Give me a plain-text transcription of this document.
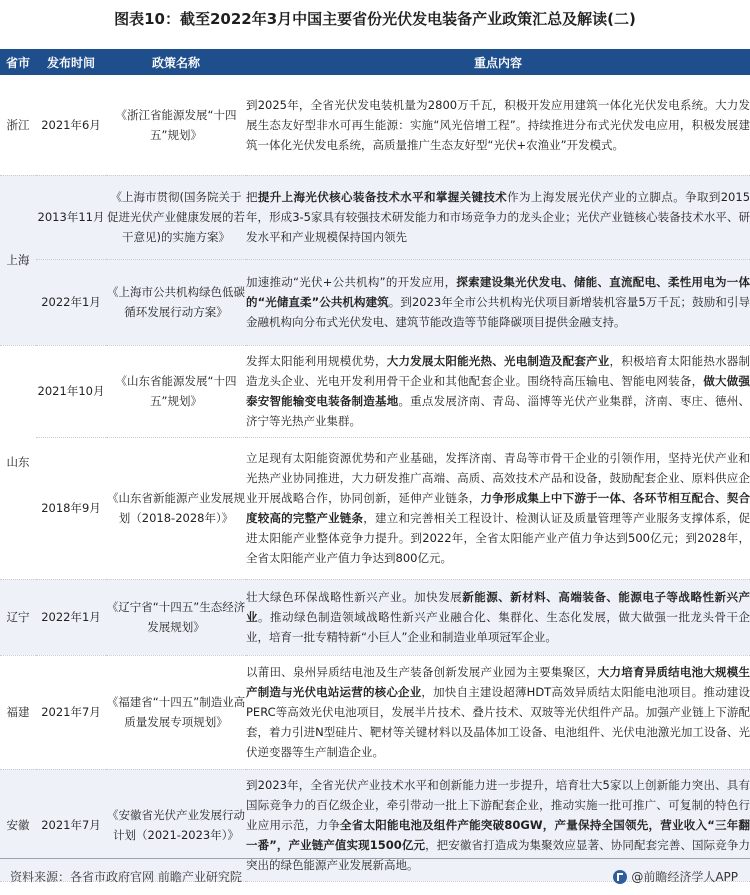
图表10：截至2022年3月中国主要省份光伏发电装备产业政策汇总及解读(二)
省市	发布时间	政策名称	重点内容
浙江	2021年6月	《浙江省能源发展“十四五”规划》	到2025年，全省光伏发电装机量为2800万千瓦，积极开发应用建筑一体化光伏发电系统。大力发展生态友好型非水可再生能源：实施“风光倍增工程”。持续推进分布式光伏发电应用，积极发展建筑一体化光伏发电系统，高质量推广生态友好型“光伏+农渔业”开发模式。
上海	2013年11月	《上海市贯彻(国务院关于促进光伏产业健康发展的若干意见)的实施方案》	把提升上海光伏核心装备技术水平和掌握关键技术作为上海发展光伏产业的立脚点。争取到2015年，形成3-5家具有较强技术研发能力和市场竞争力的龙头企业；光伏产业链核心装备技术水平、研发水平和产业规模保持国内领先
	2022年1月	《上海市公共机构绿色低碳循环发展行动方案》	加速推动“光伏+公共机构”的开发应用，探索建设集光伏发电、储能、直流配电、柔性用电为一体的“光储直柔”公共机构建筑。到2023年全市公共机构光伏项目新增装机容量5万千瓦；鼓励和引导金融机构向分布式光伏发电、建筑节能改造等节能降碳项目提供金融支持。
山东	2021年10月	《山东省能源发展“十四五”规划》	发挥太阳能利用规模优势，大力发展太阳能光热、光电制造及配套产业，积极培育太阳能热水器制造龙头企业、光电开发利用骨干企业和其他配套企业。围绕特高压输电、智能电网装备，做大做强泰安智能输变电装备制造基地。重点发展济南、青岛、淄博等光伏产业集群，济南、枣庄、德州、济宁等光热产业集群。
	2018年9月	《山东省新能源产业发展规划（2018-2028年）》	立足现有太阳能资源优势和产业基础，发挥济南、青岛等市骨干企业的引领作用，坚持光伏产业和光热产业协同推进，大力研发推广高端、高质、高效技术产品和设备，鼓励配套企业、原料供应企业开展战略合作，协同创新，延伸产业链条，力争形成集上中下游于一体、各环节相互配合、契合度较高的完整产业链条，建立和完善相关工程设计、检测认证及质量管理等产业服务支撑体系，促进太阳能产业整体竞争力提升。到2022年，全省太阳能产业产值力争达到500亿元；到2028年，全省太阳能产业产值力争达到800亿元。
辽宁	2022年1月	《辽宁省“十四五”生态经济发展规划》	壮大绿色环保战略性新兴产业。加快发展新能源、新材料、高端装备、能源电子等战略性新兴产业。推动绿色制造领域战略性新兴产业融合化、集群化、生态化发展，做大做强一批龙头骨干企业，培育一批专精特新“小巨人”企业和制造业单项冠军企业。
福建	2021年7月	《福建省“十四五”制造业高质量发展专项规划》	以莆田、泉州异质结电池及生产装备创新发展产业园为主要集聚区，大力培育异质结电池大规模生产制造与光伏电站运营的核心企业，加快自主建设超薄HDT高效异质结太阳能电池项目。推动建设PERC等高效光伏电池项目，发展半片技术、叠片技术、双玻等光伏组件产品。加强产业链上下游配套，着力引进N型硅片、靶材等关键材料以及晶体加工设备、电池组件、光伏电池激光加工设备、光伏逆变器等生产制造企业。
安徽	2021年7月	《安徽省光伏产业发展行动计划（2021-2023年）》	到2023年，全省光伏产业技术水平和创新能力进一步提升，培育壮大5家以上创新能力突出、具有国际竞争力的百亿级企业，牵引带动一批上下游配套企业，推动实施一批可推广、可复制的特色行业应用示范，力争全省太阳能电池及组件产能突破80GW，产量保持全国领先，营业收入“三年翻一番”，产业链产值实现1500亿元，把安徽省打造成为集聚效应显著、协同配套完善、国际竞争力突出的绿色能源产业发展新高地。
资料来源：各省市政府官网 前瞻产业研究院	@前瞻经济学人APP
